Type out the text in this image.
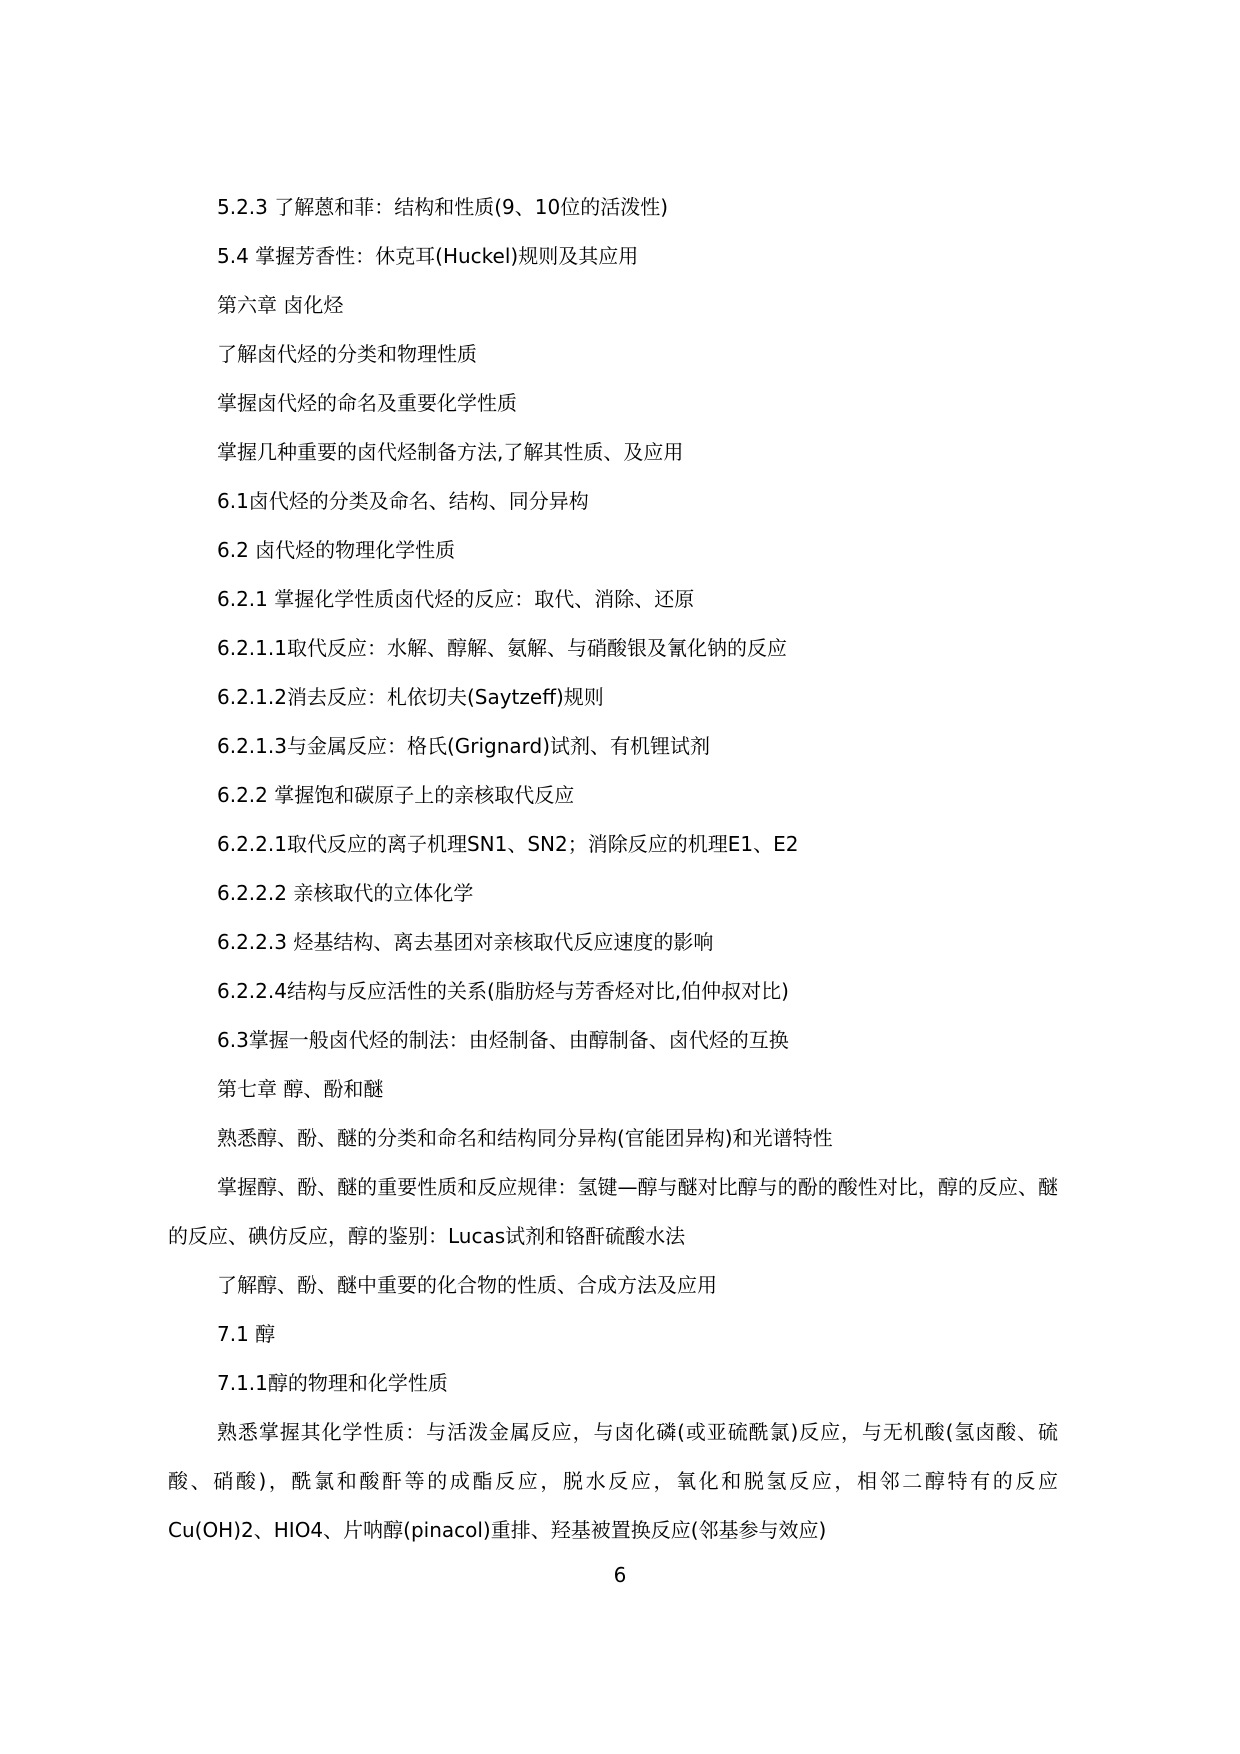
5.2.3 了解蒽和菲：结构和性质(9、10位的活泼性)

5.4 掌握芳香性：休克耳(Huckel)规则及其应用

第六章 卤化烃

了解卤代烃的分类和物理性质

掌握卤代烃的命名及重要化学性质

掌握几种重要的卤代烃制备方法,了解其性质、及应用

6.1卤代烃的分类及命名、结构、同分异构

6.2 卤代烃的物理化学性质

6.2.1 掌握化学性质卤代烃的反应：取代、消除、还原

6.2.1.1取代反应：水解、醇解、氨解、与硝酸银及氰化钠的反应

6.2.1.2消去反应：札依切夫(Saytzeff)规则

6.2.1.3与金属反应：格氏(Grignard)试剂、有机锂试剂

6.2.2 掌握饱和碳原子上的亲核取代反应

6.2.2.1取代反应的离子机理SN1、SN2；消除反应的机理E1、E2

6.2.2.2 亲核取代的立体化学

6.2.2.3 烃基结构、离去基团对亲核取代反应速度的影响

6.2.2.4结构与反应活性的关系(脂肪烃与芳香烃对比,伯仲叔对比)

6.3掌握一般卤代烃的制法：由烃制备、由醇制备、卤代烃的互换

第七章 醇、酚和醚

熟悉醇、酚、醚的分类和命名和结构同分异构(官能团异构)和光谱特性

掌握醇、酚、醚的重要性质和反应规律：氢键—醇与醚对比醇与的酚的酸性对比，醇的反应、醚的反应、碘仿反应，醇的鉴别：Lucas试剂和铬酐硫酸水法

了解醇、酚、醚中重要的化合物的性质、合成方法及应用

7.1 醇

7.1.1醇的物理和化学性质

熟悉掌握其化学性质：与活泼金属反应，与卤化磷(或亚硫酰氯)反应，与无机酸(氢卤酸、硫酸、硝酸)，酰氯和酸酐等的成酯反应，脱水反应，氧化和脱氢反应，相邻二醇特有的反应Cu(OH)2、HIO4、片呐醇(pinacol)重排、羟基被置换反应(邻基参与效应)

6
